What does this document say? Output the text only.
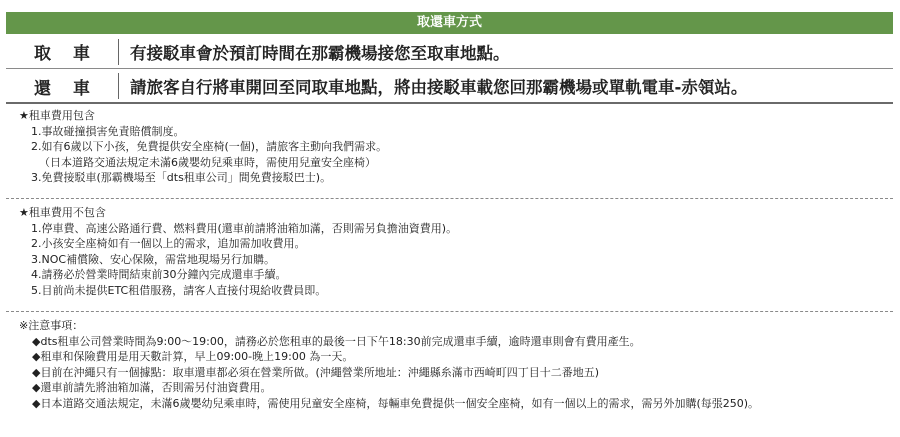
取還車方式
取 車	有接駁車會於預訂時間在那霸機場接您至取車地點。
還 車	請旅客自行將車開回至同取車地點，將由接駁車載您回那霸機場或單軌電車-赤領站。
★租車費用包含
1.事故碰撞損害免責賠償制度。
2.如有6歲以下小孩，免費提供安全座椅(一個)，請旅客主動向我們需求。
（日本道路交通法規定未滿6歲嬰幼兒乘車時，需使用兒童安全座椅）
3.免費接駁車(那霸機場至「dts租車公司」間免費接駁巴士)。
★租車費用不包含
1.停車費、高速公路通行費、燃料費用(還車前請將油箱加滿，否則需另負擔油資費用)。
2.小孩安全座椅如有一個以上的需求，追加需加收費用。
3.NOC補償險、安心保險，需當地現場另行加購。
4.請務必於營業時間結束前30分鐘內完成還車手續。
5.目前尚未提供ETC租借服務，請客人直接付現給收費員即。
※注意事項：
◆dts租車公司營業時間為9:00～19:00，請務必於您租車的最後一日下午18:30前完成還車手續，逾時還車則會有費用產生。
◆租車和保險費用是用天數計算，早上09:00-晚上19:00 為一天。
◆目前在沖繩只有一個據點：取車還車都必須在營業所做。(沖繩營業所地址：沖繩縣糸滿市西崎町四丁目十二番地五)
◆還車前請先將油箱加滿，否則需另付油資費用。
◆日本道路交通法規定，未滿6歲嬰幼兒乘車時，需使用兒童安全座椅，每輛車免費提供一個安全座椅，如有一個以上的需求，需另外加購(每張250)。
